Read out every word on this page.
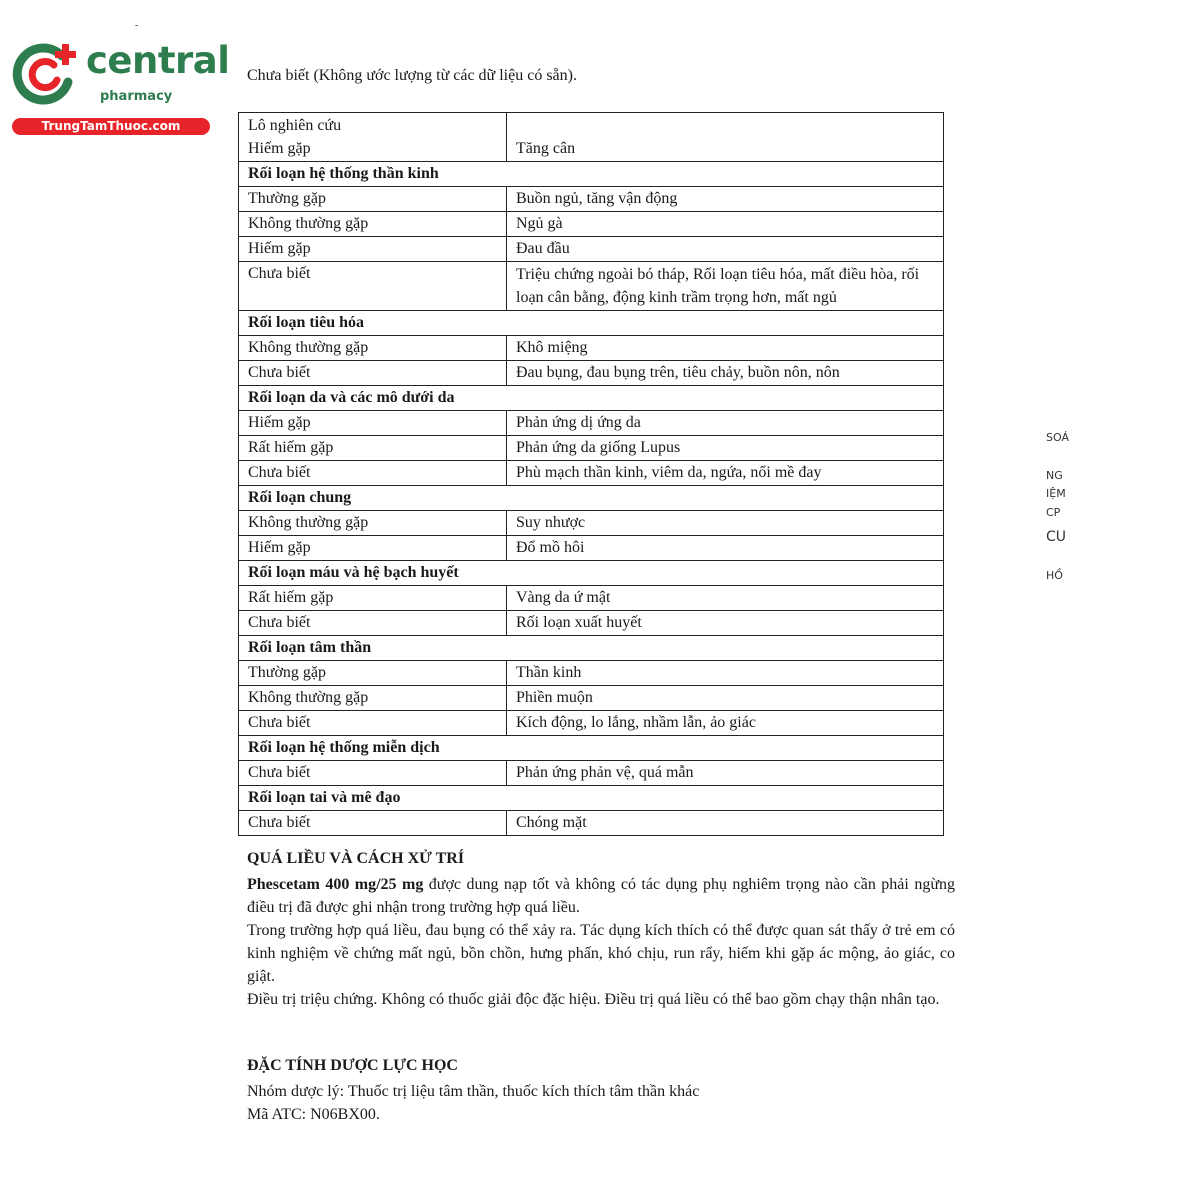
central
pharmacy
TrungTamThuoc.com
-
Chưa biết (Không ước lượng từ các dữ liệu có sẵn).
Lô nghiên cứu
Hiếm gặp	Tăng cân
Rối loạn hệ thống thần kinh	
Thường gặp	Buồn ngủ, tăng vận động
Không thường gặp	Ngủ gà
Hiếm gặp	Đau đầu
Chưa biết	Triệu chứng ngoài bó tháp, Rối loạn tiêu hóa, mất điều hòa, rối loạn cân bằng, động kinh trầm trọng hơn, mất ngủ
Rối loạn tiêu hóa	
Không thường gặp	Khô miệng
Chưa biết	Đau bụng, đau bụng trên, tiêu chảy, buồn nôn, nôn
Rối loạn da và các mô dưới da	
Hiếm gặp	Phản ứng dị ứng da
Rất hiếm gặp	Phản ứng da giống Lupus
Chưa biết	Phù mạch thần kinh, viêm da, ngứa, nổi mề đay
Rối loạn chung	
Không thường gặp	Suy nhược
Hiếm gặp	Đổ mồ hôi
Rối loạn máu và hệ bạch huyết	
Rất hiếm gặp	Vàng da ứ mật
Chưa biết	Rối loạn xuất huyết
Rối loạn tâm thần	
Thường gặp	Thần kinh
Không thường gặp	Phiền muộn
Chưa biết	Kích động, lo lắng, nhầm lẫn, ảo giác
Rối loạn hệ thống miễn dịch	
Chưa biết	Phản ứng phản vệ, quá mẫn
Rối loạn tai và mê đạo	
Chưa biết	Chóng mặt
QUÁ LIỀU VÀ CÁCH XỬ TRÍ

Phescetam 400 mg/25 mg được dung nạp tốt và không có tác dụng phụ nghiêm trọng nào cần phải ngừng điều trị đã được ghi nhận trong trường hợp quá liều.

Trong trường hợp quá liều, đau bụng có thể xảy ra. Tác dụng kích thích có thể được quan sát thấy ở trẻ em có kinh nghiệm về chứng mất ngủ, bồn chồn, hưng phấn, khó chịu, run rẩy, hiếm khi gặp ác mộng, ảo giác, co giật.

Điều trị triệu chứng. Không có thuốc giải độc đặc hiệu. Điều trị quá liều có thể bao gồm chạy thận nhân tạo.

ĐẶC TÍNH DƯỢC LỰC HỌC

Nhóm dược lý: Thuốc trị liệu tâm thần, thuốc kích thích tâm thần khác

Mã ATC: N06BX00.

SOÁ
NG
IỆM
CP
CU
HỒ
